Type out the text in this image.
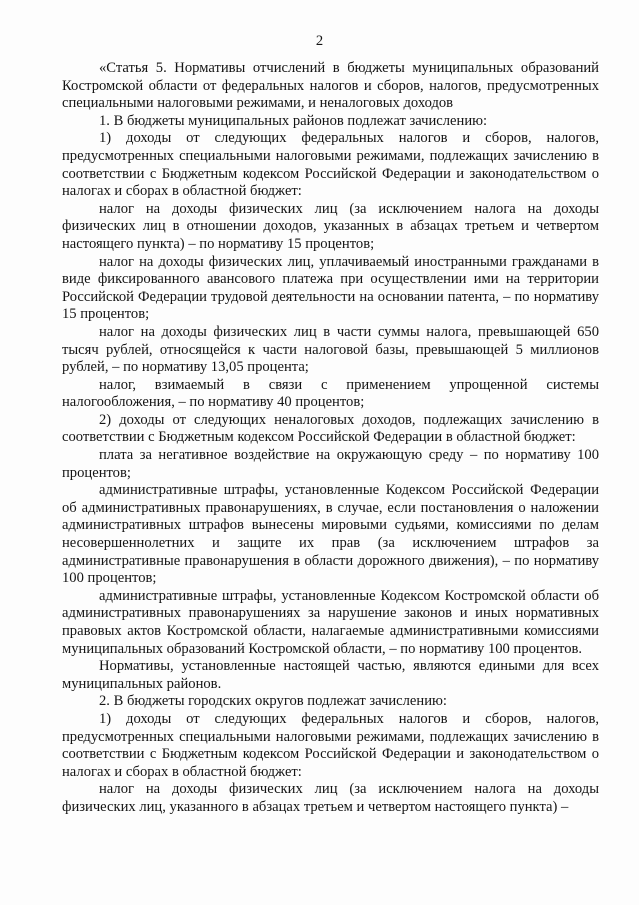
2

«Статья 5. Нормативы отчислений в бюджеты муниципальных образований Костромской области от федеральных налогов и сборов, налогов, предусмотренных специальными налоговыми режимами, и неналоговых доходов

1. В бюджеты муниципальных районов подлежат зачислению:

1) доходы от следующих федеральных налогов и сборов, налогов, предусмотренных специальными налоговыми режимами, подлежащих зачислению в соответствии с Бюджетным кодексом Российской Федерации и законодательством о налогах и сборах в областной бюджет:

налог на доходы физических лиц (за исключением налога на доходы физических лиц в отношении доходов, указанных в абзацах третьем и четвертом настоящего пункта) – по нормативу 15 процентов;

налог на доходы физических лиц, уплачиваемый иностранными гражданами в виде фиксированного авансового платежа при осуществлении ими на территории Российской Федерации трудовой деятельности на основании патента, – по нормативу 15 процентов;

налог на доходы физических лиц в части суммы налога, превышающей 650 тысяч рублей, относящейся к части налоговой базы, превышающей 5 миллионов рублей, – по нормативу 13,05 процента;

налог, взимаемый в связи с применением упрощенной системы налогообложения, – по нормативу 40 процентов;

2) доходы от следующих неналоговых доходов, подлежащих зачислению в соответствии с Бюджетным кодексом Российской Федерации в областной бюджет:

плата за негативное воздействие на окружающую среду – по нормативу 100 процентов;

административные штрафы, установленные Кодексом Российской Федерации об административных правонарушениях, в случае, если постановления о наложении административных штрафов вынесены мировыми судьями, комиссиями по делам несовершеннолетних и защите их прав (за исключением штрафов за административные правонарушения в области дорожного движения), – по нормативу 100 процентов;

административные штрафы, установленные Кодексом Костромской области об административных правонарушениях за нарушение законов и иных нормативных правовых актов Костромской области, налагаемые административными комиссиями муниципальных образований Костромской области, – по нормативу 100 процентов.

Нормативы, установленные настоящей частью, являются едиными для всех муниципальных районов.

2. В бюджеты городских округов подлежат зачислению:

1) доходы от следующих федеральных налогов и сборов, налогов, предусмотренных специальными налоговыми режимами, подлежащих зачислению в соответствии с Бюджетным кодексом Российской Федерации и законодательством о налогах и сборах в областной бюджет:

налог на доходы физических лиц (за исключением налога на доходы физических лиц, указанного в абзацах третьем и четвертом настоящего пункта) –
